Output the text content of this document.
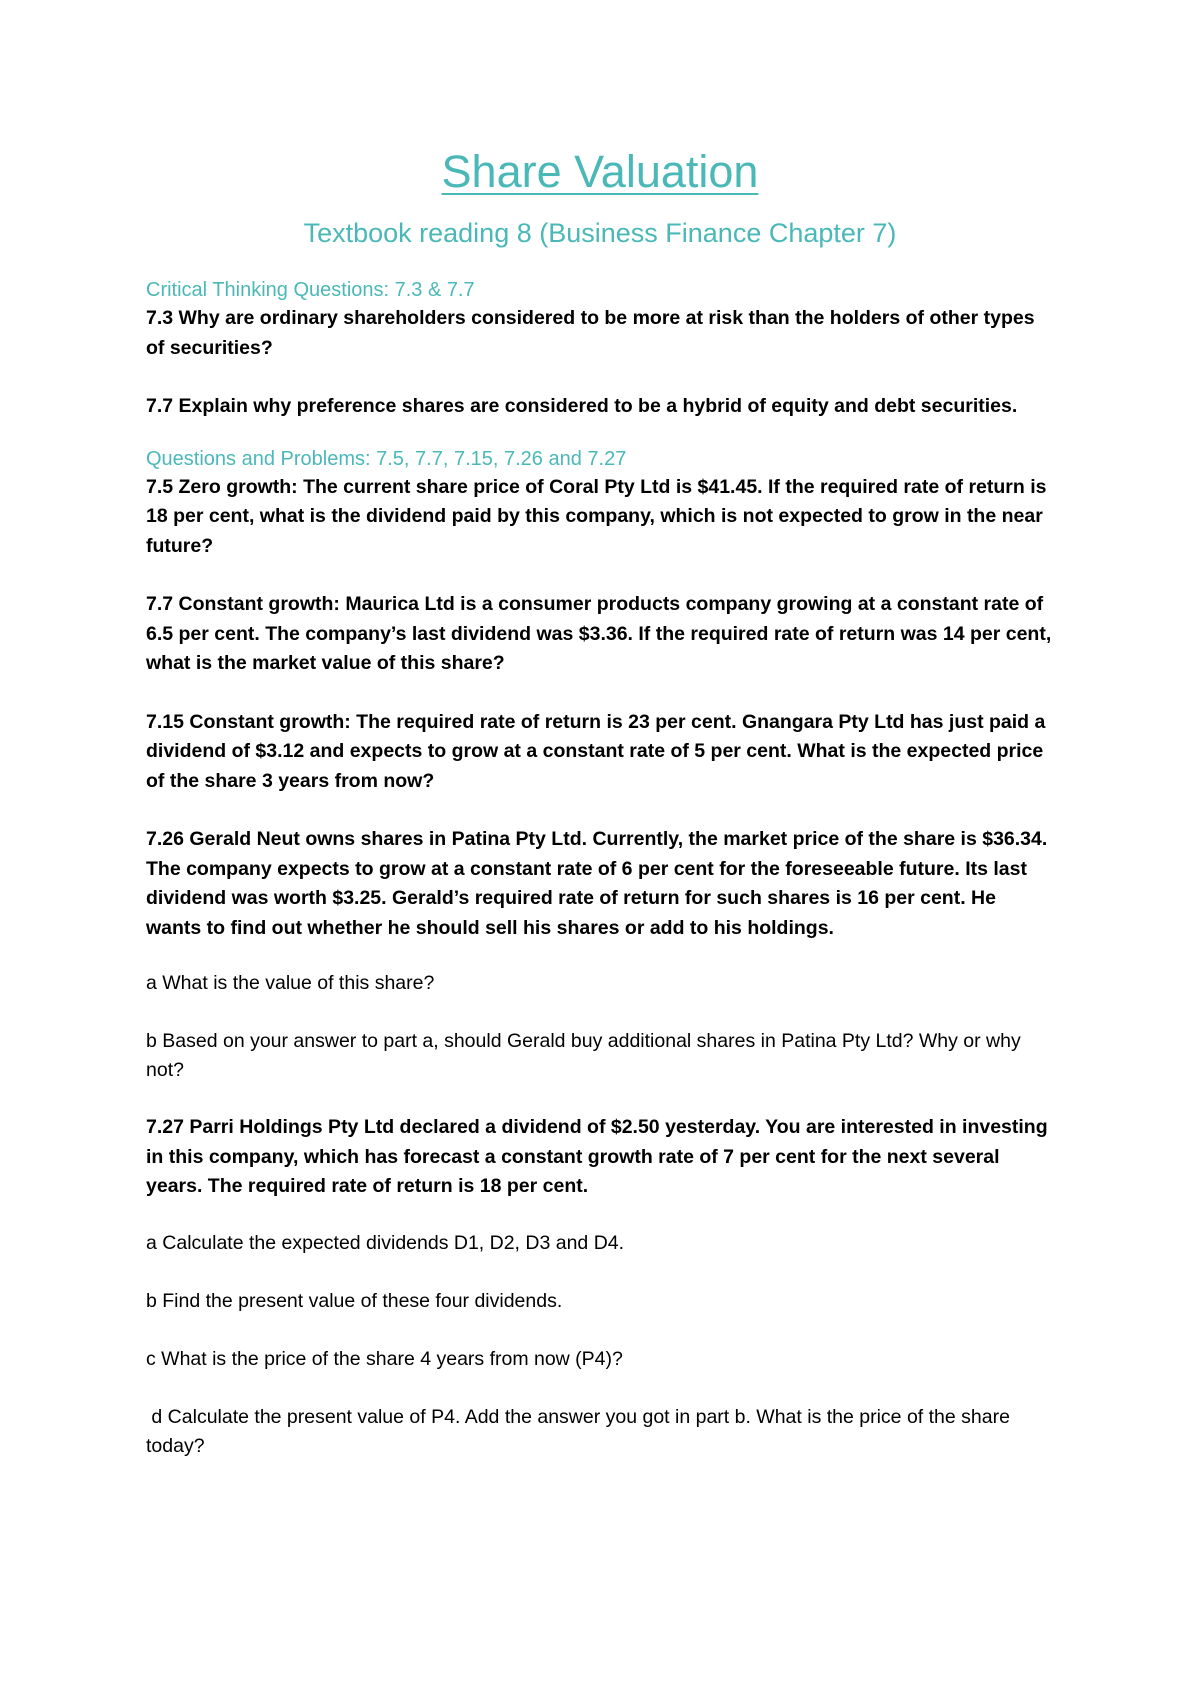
Share Valuation
Textbook reading 8 (Business Finance Chapter 7)

Critical Thinking Questions: 7.3 & 7.7

7.3 Why are ordinary shareholders considered to be more at risk than the holders of other types of securities?

7.7 Explain why preference shares are considered to be a hybrid of equity and debt securities.

Questions and Problems: 7.5, 7.7, 7.15, 7.26 and 7.27

7.5 Zero growth: The current share price of Coral Pty Ltd is $41.45. If the required rate of return is 18 per cent, what is the dividend paid by this company, which is not expected to grow in the near future?

7.7 Constant growth: Maurica Ltd is a consumer products company growing at a constant rate of 6.5 per cent. The company’s last dividend was $3.36. If the required rate of return was 14 per cent, what is the market value of this share?

7.15 Constant growth: The required rate of return is 23 per cent. Gnangara Pty Ltd has just paid a dividend of $3.12 and expects to grow at a constant rate of 5 per cent. What is the expected price of the share 3 years from now?

7.26 Gerald Neut owns shares in Patina Pty Ltd. Currently, the market price of the share is $36.34. The company expects to grow at a constant rate of 6 per cent for the foreseeable future. Its last dividend was worth $3.25. Gerald’s required rate of return for such shares is 16 per cent. He wants to find out whether he should sell his shares or add to his holdings.

a What is the value of this share?

b Based on your answer to part a, should Gerald buy additional shares in Patina Pty Ltd? Why or why not?

7.27 Parri Holdings Pty Ltd declared a dividend of $2.50 yesterday. You are interested in investing in this company, which has forecast a constant growth rate of 7 per cent for the next several years. The required rate of return is 18 per cent.

a Calculate the expected dividends D1, D2, D3 and D4.

b Find the present value of these four dividends.

c What is the price of the share 4 years from now (P4)?

d Calculate the present value of P4. Add the answer you got in part b. What is the price of the share today?
